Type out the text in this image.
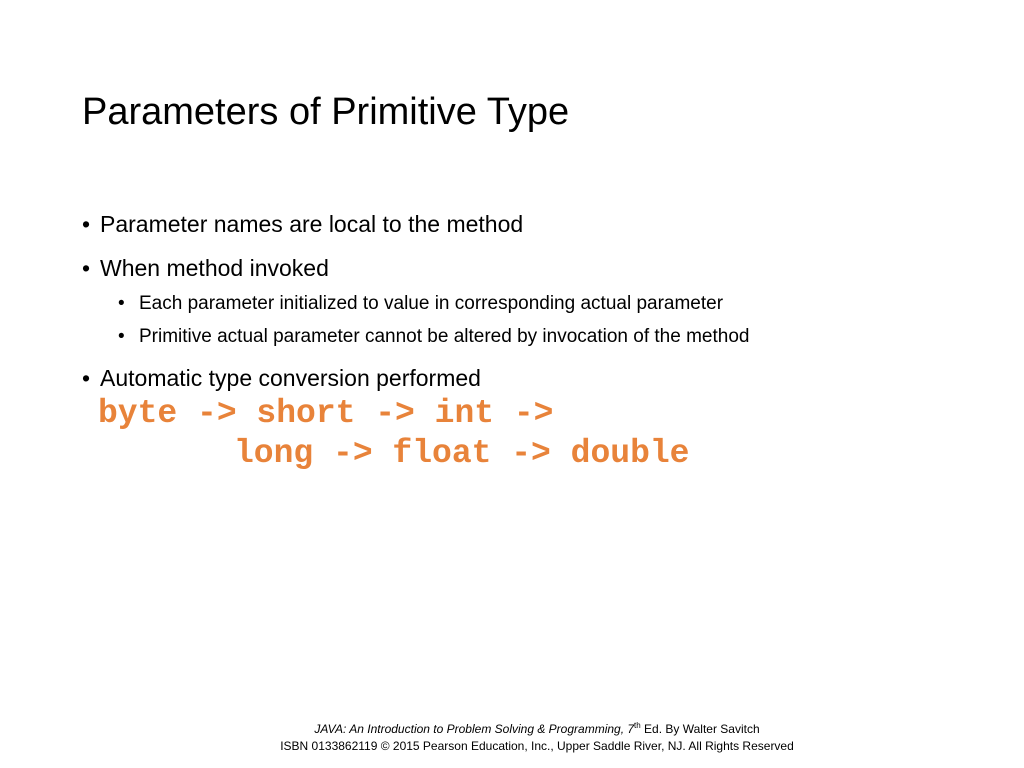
Parameters of Primitive Type
• Parameter names are local to the method
• When method invoked
• Each parameter initialized to value in corresponding actual parameter
• Primitive actual parameter cannot be altered by invocation of the method
• Automatic type conversion performed
byte -> short -> int ->
long -> float -> double
JAVA: An Introduction to Problem Solving & Programming, 7th Ed. By Walter Savitch
ISBN 0133862119 © 2015 Pearson Education, Inc., Upper Saddle River, NJ. All Rights Reserved
